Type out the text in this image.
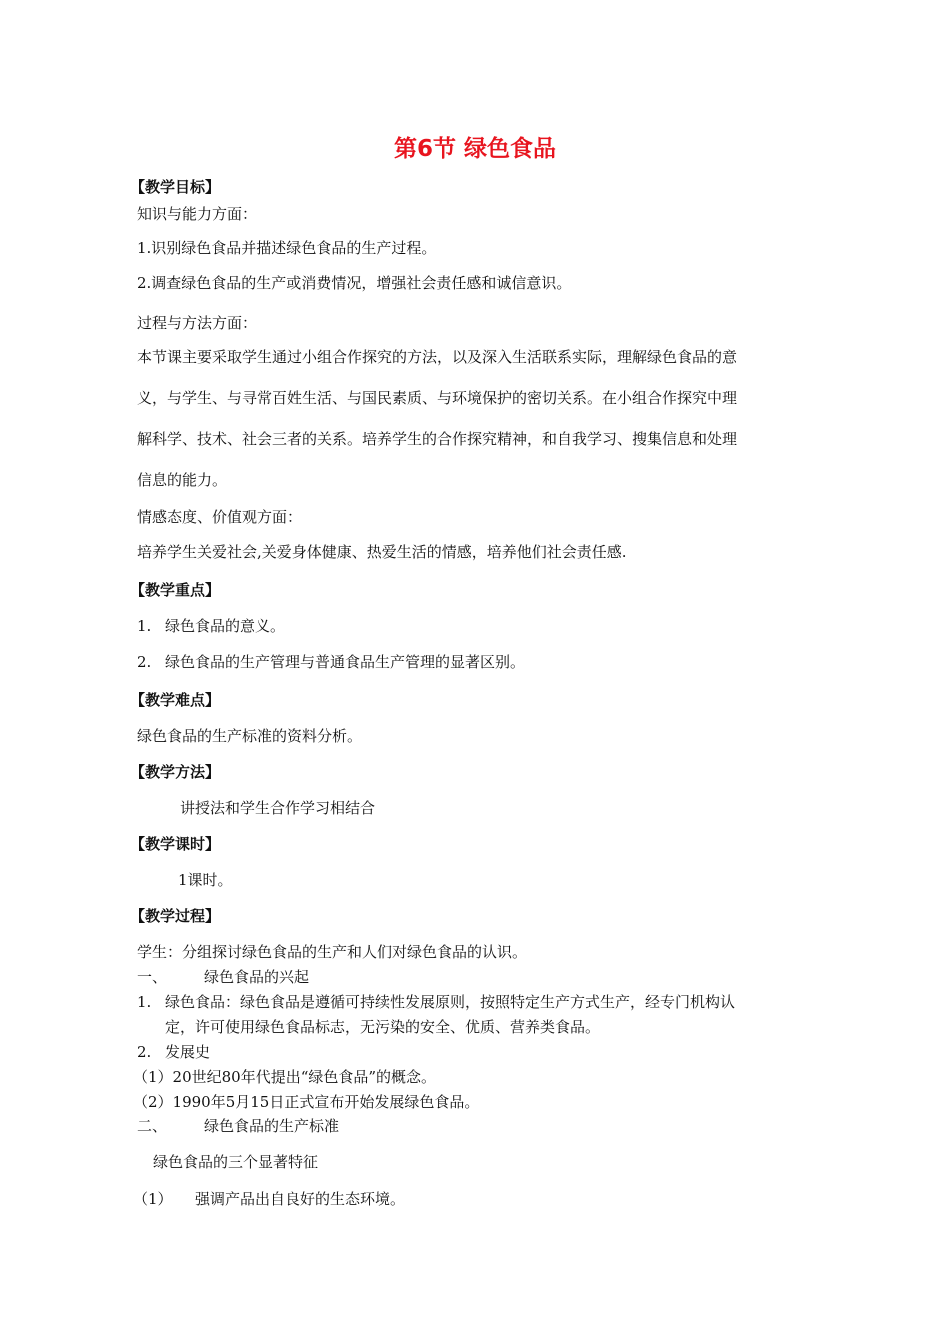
第6节 绿色食品
【教学目标】
知识与能力方面：
1.识别绿色食品并描述绿色食品的生产过程。
2.调查绿色食品的生产或消费情况，增强社会责任感和诚信意识。
过程与方法方面：
本节课主要采取学生通过小组合作探究的方法，以及深入生活联系实际，理解绿色食品的意
义，与学生、与寻常百姓生活、与国民素质、与环境保护的密切关系。在小组合作探究中理
解科学、技术、社会三者的关系。培养学生的合作探究精神，和自我学习、搜集信息和处理
信息的能力。
情感态度、价值观方面：
培养学生关爱社会,关爱身体健康、热爱生活的情感，培养他们社会责任感.
【教学重点】
1. 绿色食品的意义。
2. 绿色食品的生产管理与普通食品生产管理的显著区别。
【教学难点】
绿色食品的生产标准的资料分析。
【教学方法】
讲授法和学生合作学习相结合
【教学课时】
1课时。
【教学过程】
学生：分组探讨绿色食品的生产和人们对绿色食品的认识。
一、 绿色食品的兴起
1. 绿色食品：绿色食品是遵循可持续性发展原则，按照特定生产方式生产，经专门机构认
定，许可使用绿色食品标志，无污染的安全、优质、营养类食品。
2. 发展史
（1）20世纪80年代提出“绿色食品”的概念。
（2）1990年5月15日正式宣布开始发展绿色食品。
二、 绿色食品的生产标准
绿色食品的三个显著特征
（1） 强调产品出自良好的生态环境。
